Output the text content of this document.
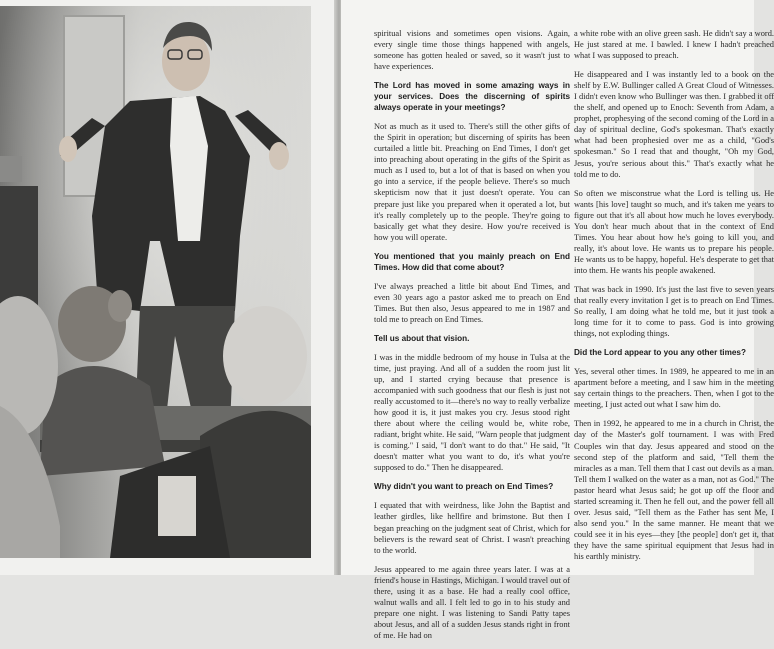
spiritual visions and sometimes open visions. Again, every single time those things happened with angels, someone has gotten healed or saved, so it wasn't just to have experiences.

The Lord has moved in some amazing ways in your services. Does the discerning of spirits always operate in your meetings?

Not as much as it used to. There's still the other gifts of the Spirit in operation; but discerning of spirits has been curtailed a little bit. Preaching on End Times, I don't get into preaching about operating in the gifts of the Spirit as much as I used to, but a lot of that is based on when you go into a service, if the people believe. There's so much skepticism now that it just doesn't operate. You can prepare just like you prepared when it operated a lot, but it's really completely up to the people. They're going to basically get what they desire. How you're received is how you will operate.

You mentioned that you mainly preach on End Times. How did that come about?

I've always preached a little bit about End Times, and even 30 years ago a pastor asked me to preach on End Times. But then also, Jesus appeared to me in 1987 and told me to preach on End Times.

Tell us about that vision.

I was in the middle bedroom of my house in Tulsa at the time, just praying. And all of a sudden the room just lit up, and I started crying because that presence is accompanied with such goodness that our flesh is just not really accustomed to it—there's no way to really verbalize how good it is, it just makes you cry. Jesus stood right there about where the ceiling would be, white robe, radiant, bright white. He said, "Warn people that judgment is coming." I said, "I don't want to do that." He said, "It doesn't matter what you want to do, it's what you're supposed to do." Then he disappeared.

Why didn't you want to preach on End Times?

I equated that with weirdness, like John the Baptist and leather girdles, like hellfire and brimstone. But then I began preaching on the judgment seat of Christ, which for believers is the reward seat of Christ. I wasn't preaching to the world.

Jesus appeared to me again three years later. I was at a friend's house in Hastings, Michigan. I would travel out of there, using it as a base. He had a really cool office, walnut walls and all. I felt led to go in to his study and prepare one night. I was listening to Sandi Patty tapes about Jesus, and all of a sudden Jesus stands right in front of me. He had on

a white robe with an olive green sash. He didn't say a word. He just stared at me. I bawled. I knew I hadn't preached what I was supposed to preach.

He disappeared and I was instantly led to a book on the shelf by E.W. Bullinger called A Great Cloud of Witnesses. I didn't even know who Bullinger was then. I grabbed it off the shelf, and opened up to Enoch: Seventh from Adam, a prophet, prophesying of the second coming of the Lord in a day of spiritual decline, God's spokesman. That's exactly what had been prophesied over me as a child, "God's spokesman." So I read that and thought, "Oh my God, Jesus, you're serious about this." That's exactly what he told me to do.

So often we misconstrue what the Lord is telling us. He wants [his love] taught so much, and it's taken me years to figure out that it's all about how much he loves everybody. You don't hear much about that in the context of End Times. You hear about how he's going to kill you, and really, it's about love. He wants us to prepare his people. He wants us to be happy, hopeful. He's desperate to get that into them. He wants his people awakened.

That was back in 1990. It's just the last five to seven years that really every invitation I get is to preach on End Times. So really, I am doing what he told me, but it just took a long time for it to come to pass. God is into growing things, not exploding things.

Did the Lord appear to you any other times?

Yes, several other times. In 1989, he appeared to me in an apartment before a meeting, and I saw him in the meeting say certain things to the preachers. Then, when I got to the meeting, I just acted out what I saw him do.

Then in 1992, he appeared to me in a church in Christ, the day of the Master's golf tournament. I was with Fred Couples win that day. Jesus appeared and stood on the second step of the platform and said, "Tell them the miracles as a man. Tell them that I cast out devils as a man. Tell them I walked on the water as a man, not as God." The pastor heard what Jesus said; he got up off the floor and started screaming it. Then he fell out, and the power fell all over. Jesus said, "Tell them as the Father has sent Me, I also send you." In the same manner. He meant that we could see it in his eyes—they [the people] don't get it, that they have the same spiritual equipment that Jesus had in his earthly ministry.
